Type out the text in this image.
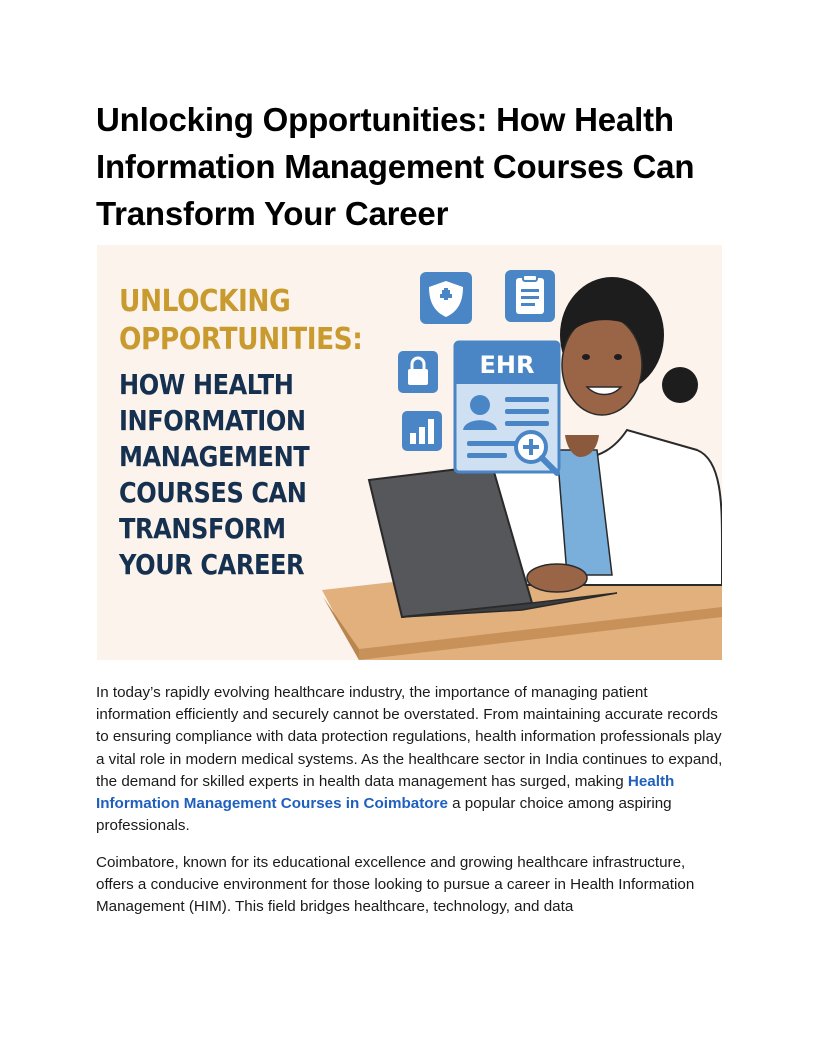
Unlocking Opportunities: How Health Information Management Courses Can Transform Your Career
EHR
UNLOCKING
OPPORTUNITIES:
HOW HEALTH
INFORMATION
MANAGEMENT
COURSES CAN
TRANSFORM
YOUR CAREER

In today’s rapidly evolving healthcare industry, the importance of managing patient information efficiently and securely cannot be overstated. From maintaining accurate records to ensuring compliance with data protection regulations, health information professionals play a vital role in modern medical systems. As the healthcare sector in India continues to expand, the demand for skilled experts in health data management has surged, making Health Information Management Courses in Coimbatore a popular choice among aspiring professionals.

Coimbatore, known for its educational excellence and growing healthcare infrastructure, offers a conducive environment for those looking to pursue a career in Health Information Management (HIM). This field bridges healthcare, technology, and data
